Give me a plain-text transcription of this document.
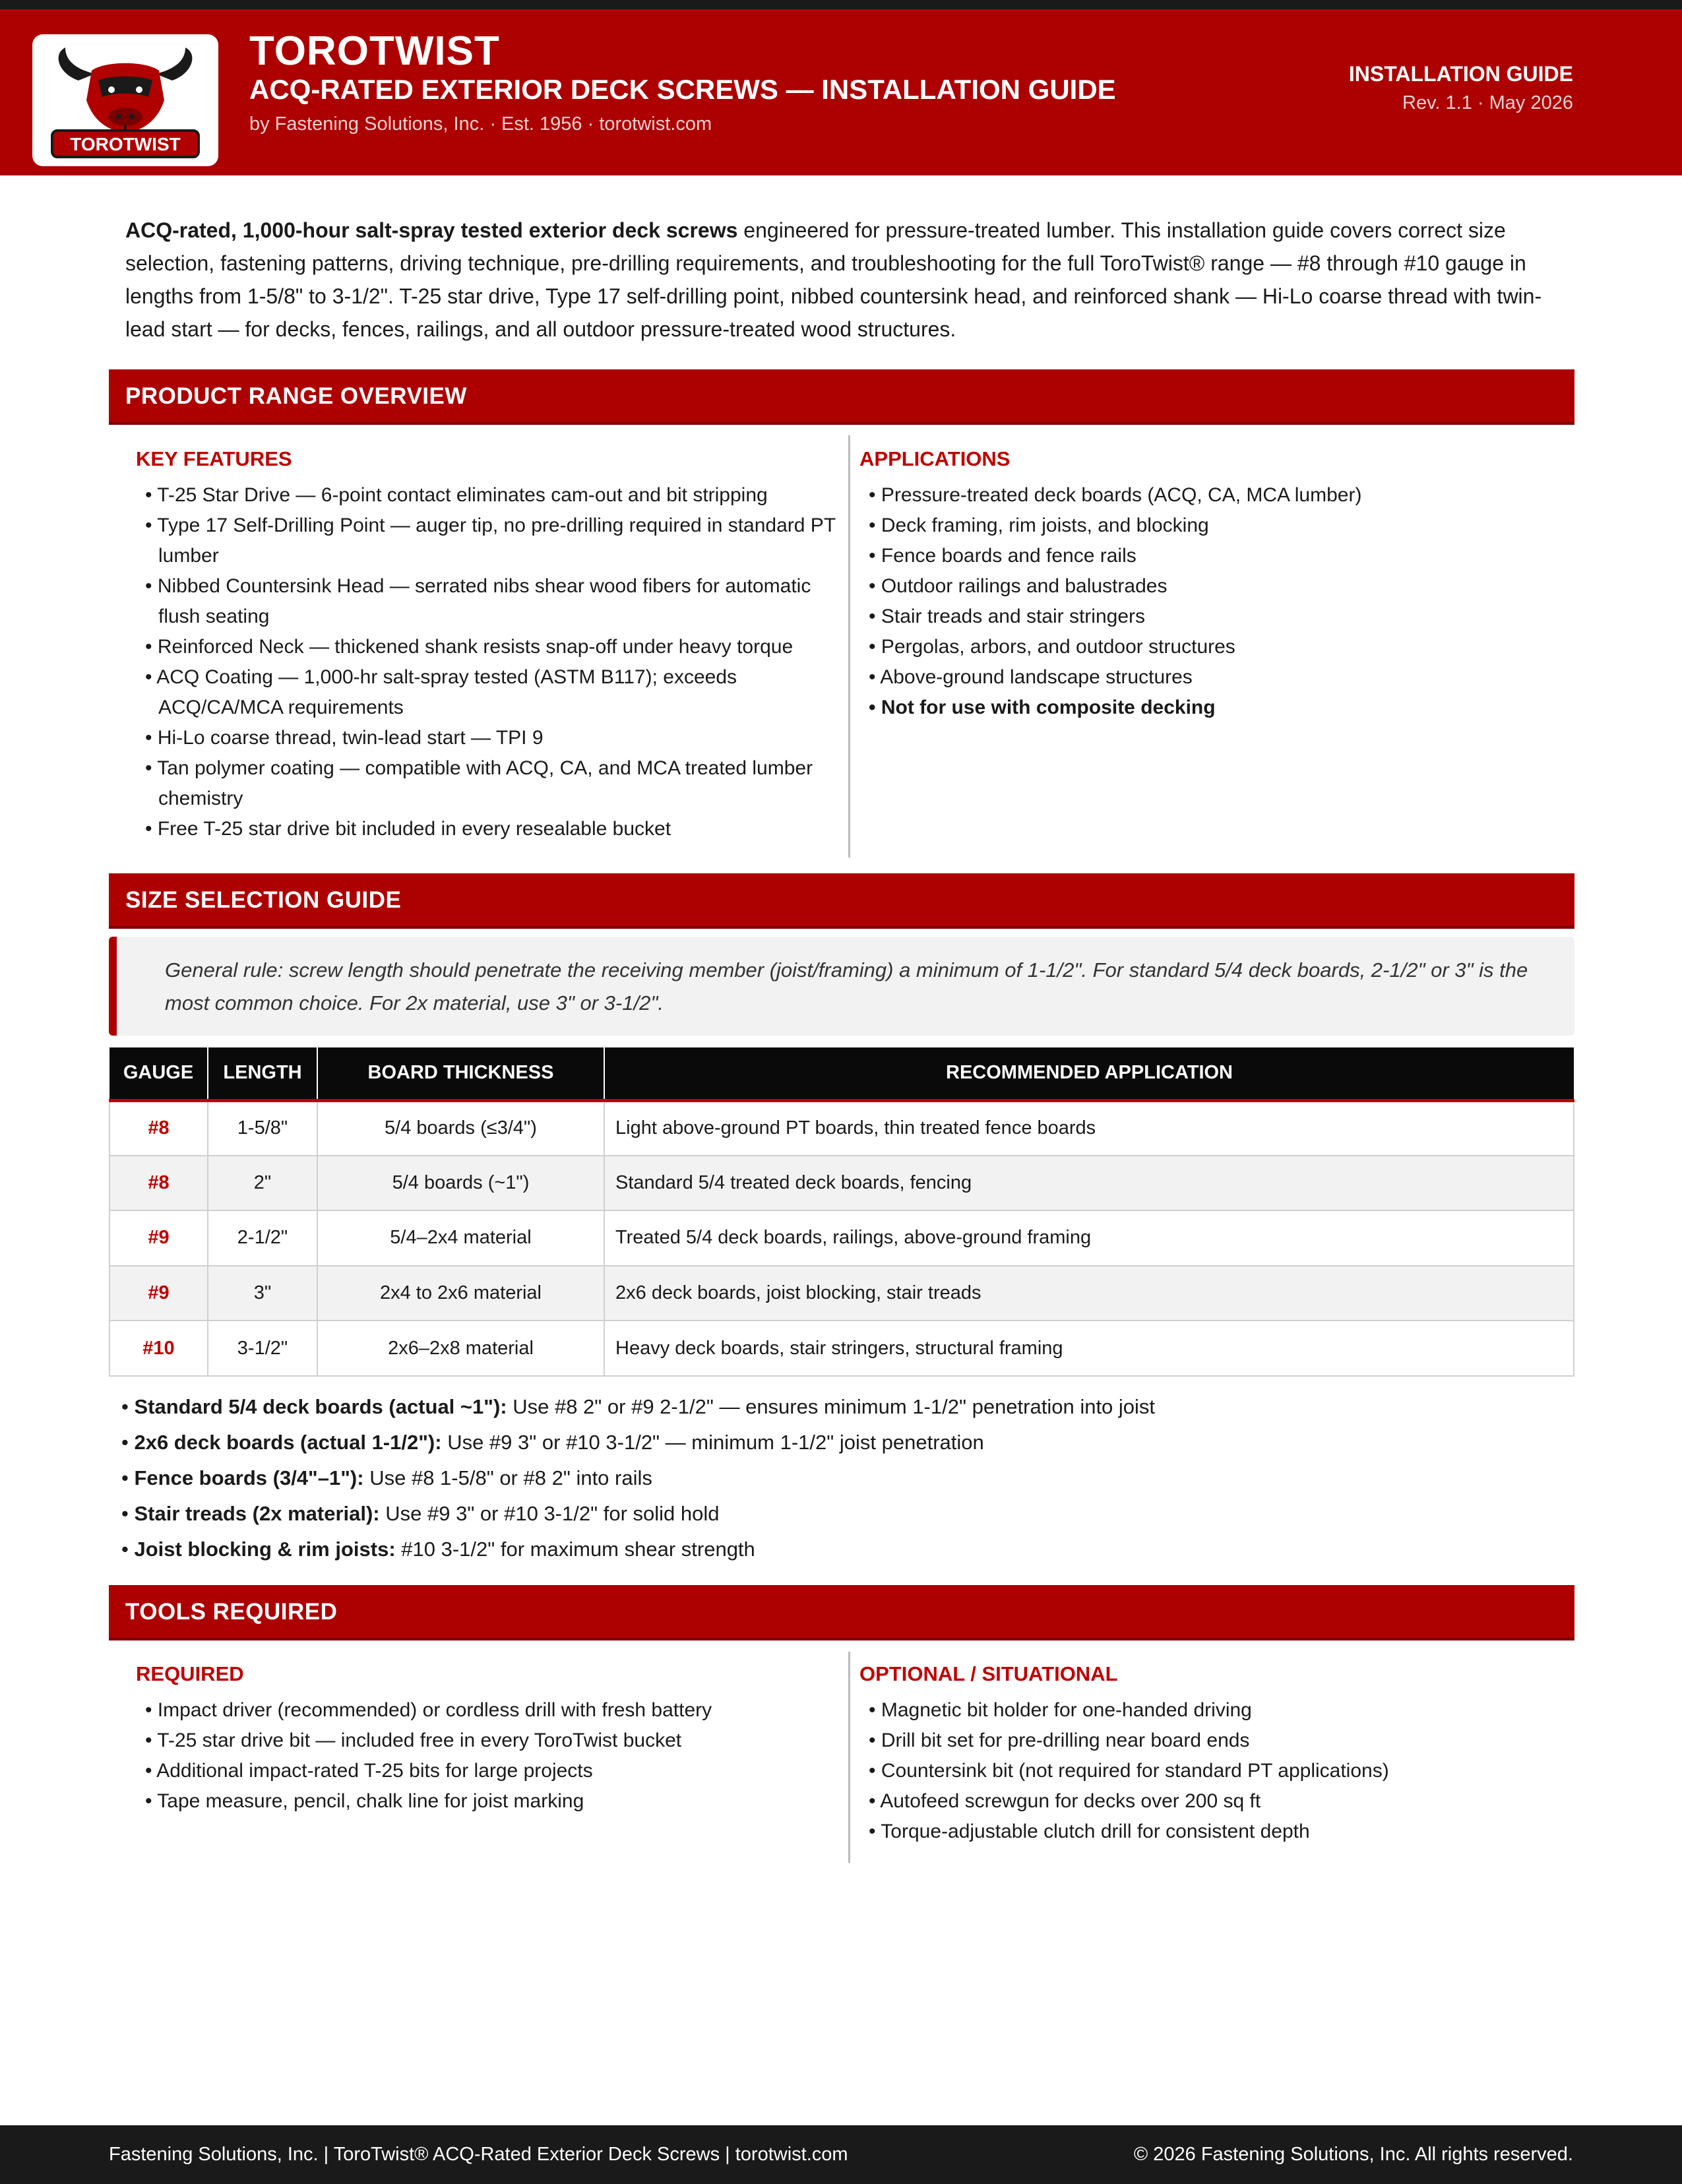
TOROTWIST
TOROTWIST
ACQ-RATED EXTERIOR DECK SCREWS — INSTALLATION GUIDE
by Fastening Solutions, Inc. · Est. 1956 · torotwist.com
INSTALLATION GUIDE
Rev. 1.1 · May 2026

ACQ-rated, 1,000-hour salt-spray tested exterior deck screws engineered for pressure-treated lumber. This installation guide covers correct size selection, fastening patterns, driving technique, pre-drilling requirements, and troubleshooting for the full ToroTwist® range — #8 through #10 gauge in lengths from 1-5/8" to 3-1/2". T-25 star drive, Type 17 self-drilling point, nibbed countersink head, and reinforced shank — Hi-Lo coarse thread with twin-lead start — for decks, fences, railings, and all outdoor pressure-treated wood structures.

PRODUCT RANGE OVERVIEW
KEY FEATURES
• T-25 Star Drive — 6-point contact eliminates cam-out and bit stripping
• Type 17 Self-Drilling Point — auger tip, no pre-drilling required in standard PT lumber
• Nibbed Countersink Head — serrated nibs shear wood fibers for automatic flush seating
• Reinforced Neck — thickened shank resists snap-off under heavy torque
• ACQ Coating — 1,000-hr salt-spray tested (ASTM B117); exceeds ACQ/CA/MCA requirements
• Hi-Lo coarse thread, twin-lead start — TPI 9
• Tan polymer coating — compatible with ACQ, CA, and MCA treated lumber chemistry
• Free T-25 star drive bit included in every resealable bucket
APPLICATIONS
• Pressure-treated deck boards (ACQ, CA, MCA lumber)
• Deck framing, rim joists, and blocking
• Fence boards and fence rails
• Outdoor railings and balustrades
• Stair treads and stair stringers
• Pergolas, arbors, and outdoor structures
• Above-ground landscape structures
• Not for use with composite decking
SIZE SELECTION GUIDE

General rule: screw length should penetrate the receiving member (joist/framing) a minimum of 1-1/2". For standard 5/4 deck boards, 2-1/2" or 3" is the most common choice. For 2x material, use 3" or 3-1/2".

GAUGE	LENGTH	BOARD THICKNESS	RECOMMENDED APPLICATION
#8	1-5/8"	5/4 boards (≤3/4")	Light above-ground PT boards, thin treated fence boards
#8	2"	5/4 boards (~1")	Standard 5/4 treated deck boards, fencing
#9	2-1/2"	5/4–2x4 material	Treated 5/4 deck boards, railings, above-ground framing
#9	3"	2x4 to 2x6 material	2x6 deck boards, joist blocking, stair treads
#10	3-1/2"	2x6–2x8 material	Heavy deck boards, stair stringers, structural framing
• Standard 5/4 deck boards (actual ~1"): Use #8 2" or #9 2-1/2" — ensures minimum 1-1/2" penetration into joist
• 2x6 deck boards (actual 1-1/2"): Use #9 3" or #10 3-1/2" — minimum 1-1/2" joist penetration
• Fence boards (3/4"–1"): Use #8 1-5/8" or #8 2" into rails
• Stair treads (2x material): Use #9 3" or #10 3-1/2" for solid hold
• Joist blocking & rim joists: #10 3-1/2" for maximum shear strength
TOOLS REQUIRED
REQUIRED
• Impact driver (recommended) or cordless drill with fresh battery
• T-25 star drive bit — included free in every ToroTwist bucket
• Additional impact-rated T-25 bits for large projects
• Tape measure, pencil, chalk line for joist marking
OPTIONAL / SITUATIONAL
• Magnetic bit holder for one-handed driving
• Drill bit set for pre-drilling near board ends
• Countersink bit (not required for standard PT applications)
• Autofeed screwgun for decks over 200 sq ft
• Torque-adjustable clutch drill for consistent depth
Fastening Solutions, Inc. | ToroTwist® ACQ-Rated Exterior Deck Screws | torotwist.com	© 2026 Fastening Solutions, Inc. All rights reserved.
